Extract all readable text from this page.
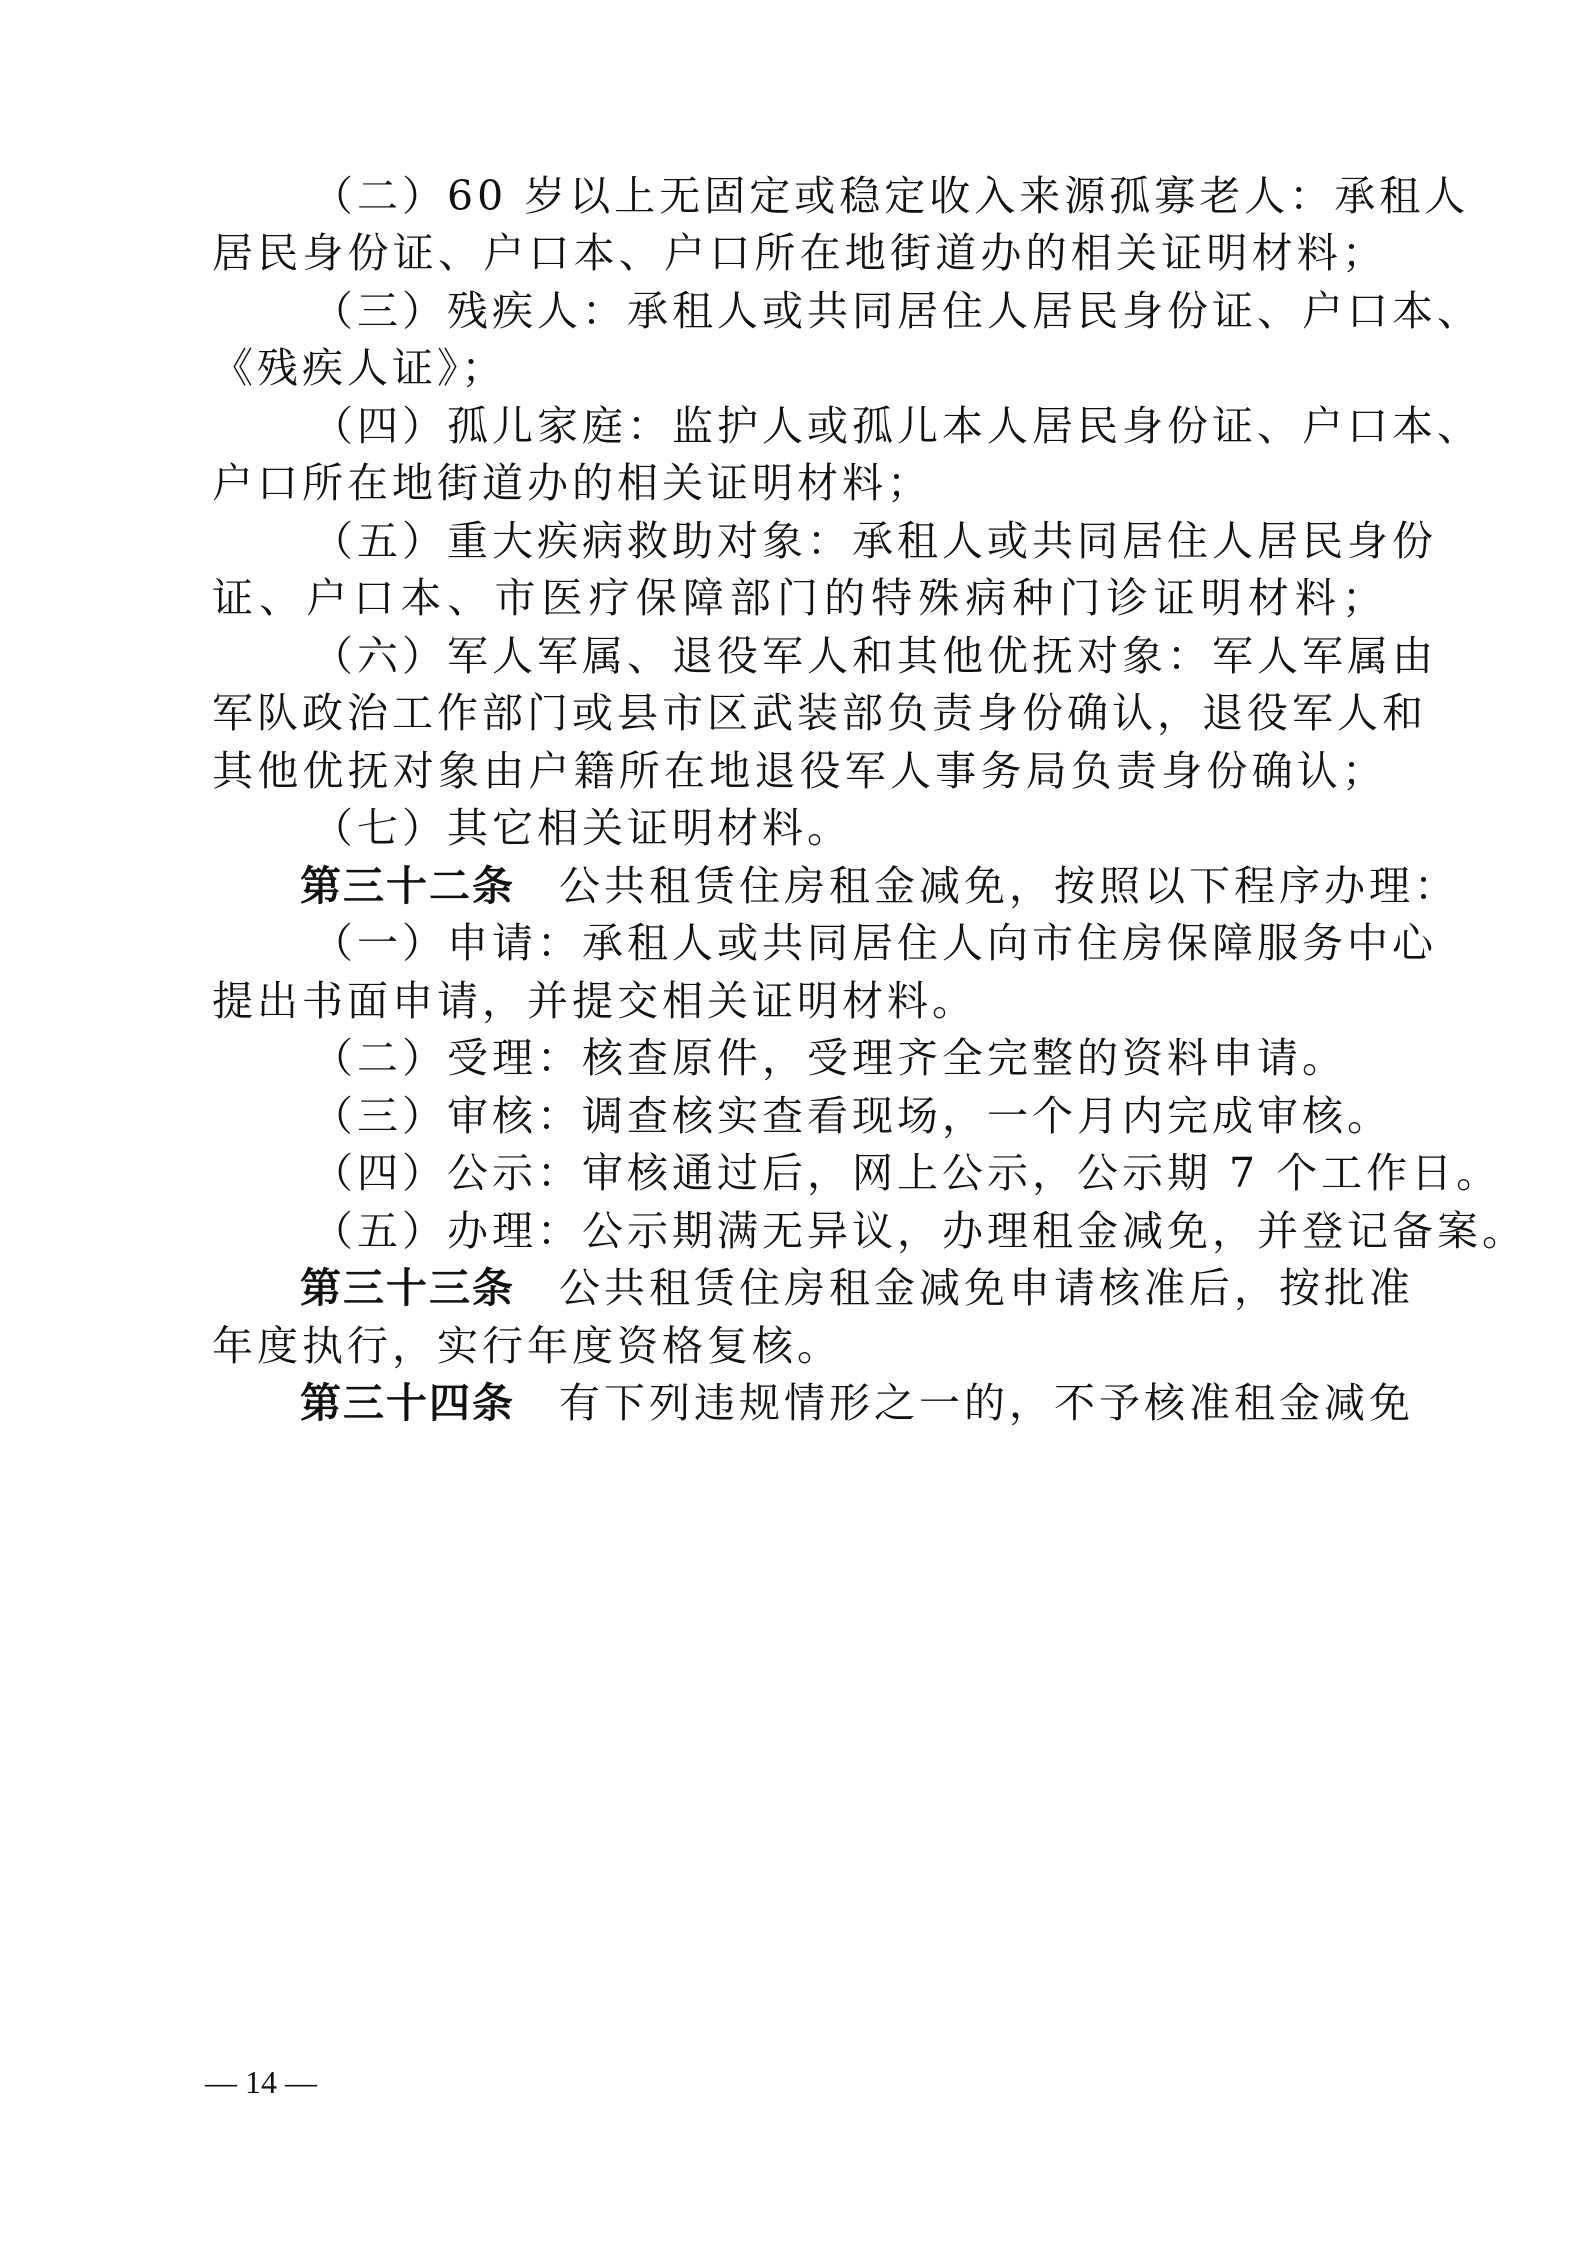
（二）60 岁以上无固定或稳定收入来源孤寡老人：承租人
居民身份证、户口本、户口所在地街道办的相关证明材料；
（三）残疾人：承租人或共同居住人居民身份证、户口本、
《残疾人证》；
（四）孤儿家庭：监护人或孤儿本人居民身份证、户口本、
户口所在地街道办的相关证明材料；
（五）重大疾病救助对象：承租人或共同居住人居民身份
证、户口本、市医疗保障部门的特殊病种门诊证明材料；
（六）军人军属、退役军人和其他优抚对象：军人军属由
军队政治工作部门或县市区武装部负责身份确认，退役军人和
其他优抚对象由户籍所在地退役军人事务局负责身份确认；
（七）其它相关证明材料。
第三十二条 公共租赁住房租金减免，按照以下程序办理：
（一）申请：承租人或共同居住人向市住房保障服务中心
提出书面申请，并提交相关证明材料。
（二）受理：核查原件，受理齐全完整的资料申请。
（三）审核：调查核实查看现场，一个月内完成审核。
（四）公示：审核通过后，网上公示，公示期 7 个工作日。
（五）办理：公示期满无异议，办理租金减免，并登记备案。
第三十三条 公共租赁住房租金减免申请核准后，按批准
年度执行，实行年度资格复核。
第三十四条 有下列违规情形之一的，不予核准租金减免
— 14 —
